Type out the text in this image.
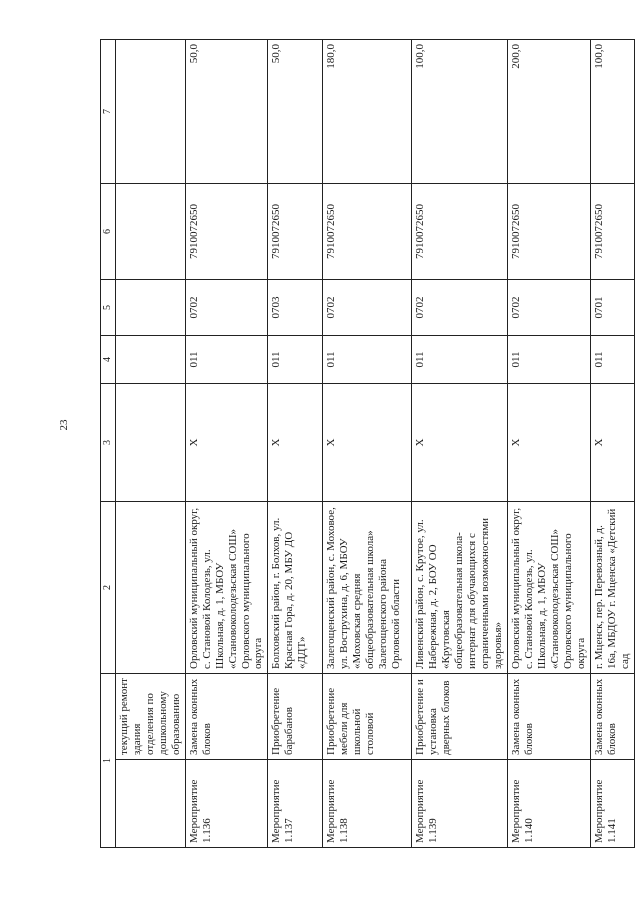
23
1		2	3	4	5	6	7
	текущий ремонт здания отделения по дошкольному образованию						
Мероприятие 1.136	Замена оконных блоков	Орловский муниципальный округ, с. Становой Колодезь, ул. Школьная, д. 1, МБОУ «Становоколодезьская СОШ» Орловского муниципального округа	X	011	0702	7910072650	50,0
Мероприятие 1.137	Приобретение барабанов	Болховский район, г. Болхов, ул. Красная Гора, д. 20, МБУ ДО «ДДТ»	X	011	0703	7910072650	50,0
Мероприятие 1.138	Приобретение мебели для школьной столовой	Залегощенский район, с. Моховое, ул. Вострухина, д. 6, МБОУ «Моховская средняя общеобразовательная школа» Залегощенского района Орловской области	X	011	0702	7910072650	180,0
Мероприятие 1.139	Приобретение и установка дверных блоков	Ливенский район, с. Крутое, ул. Набережная, д. 2, БОУ ОО «Крутовская общеобразовательная школа-интернат для обучающихся с ограниченными возможностями здоровья»	X	011	0702	7910072650	100,0
Мероприятие 1.140	Замена оконных блоков	Орловский муниципальный округ, с. Становой Колодезь, ул. Школьная, д. 1, МБОУ «Становоколодезьская СОШ» Орловского муниципального округа	X	011	0702	7910072650	200,0
Мероприятие 1.141	Замена оконных блоков	г. Мценск, пер. Перевозный, д. 16а, МБДОУ г. Мценска «Детский сад	X	011	0701	7910072650	100,0
